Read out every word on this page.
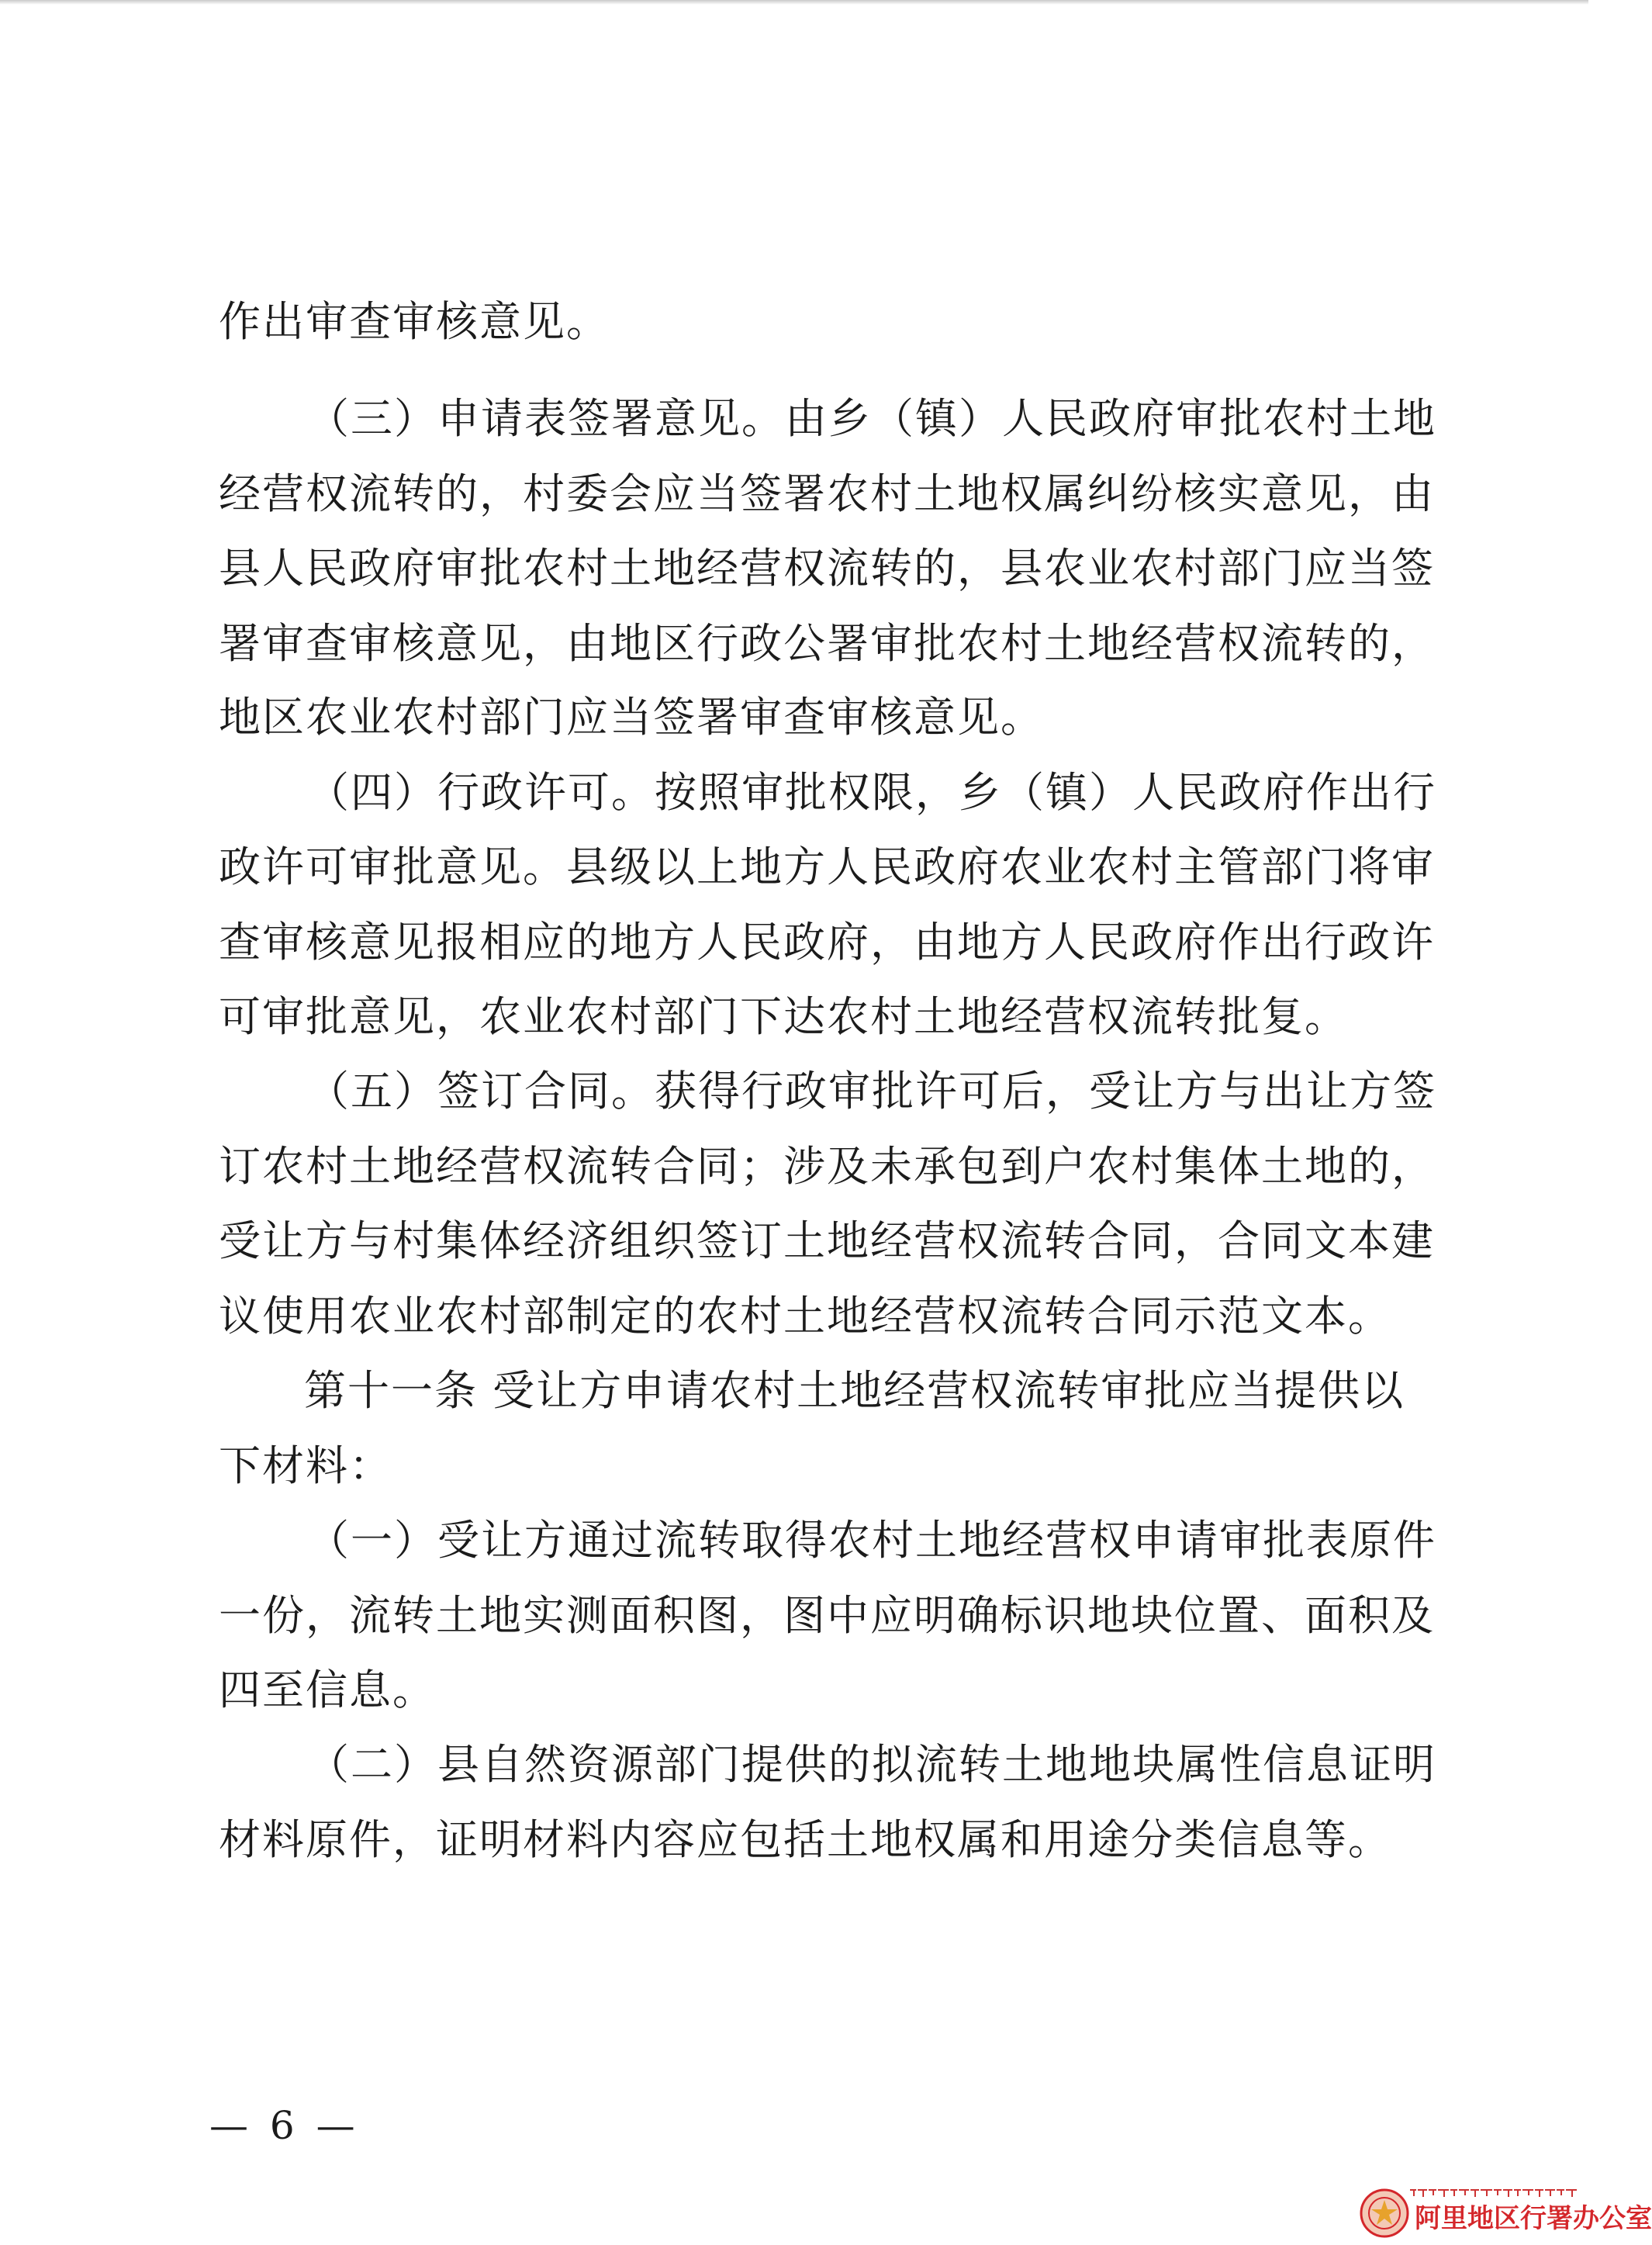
作出审查审核意见。
（三）申请表签署意见。由乡（镇）人民政府审批农村土地
经营权流转的，村委会应当签署农村土地权属纠纷核实意见，由
县人民政府审批农村土地经营权流转的，县农业农村部门应当签
署审查审核意见，由地区行政公署审批农村土地经营权流转的，
地区农业农村部门应当签署审查审核意见。
（四）行政许可。按照审批权限，乡（镇）人民政府作出行
政许可审批意见。县级以上地方人民政府农业农村主管部门将审
查审核意见报相应的地方人民政府，由地方人民政府作出行政许
可审批意见，农业农村部门下达农村土地经营权流转批复。
（五）签订合同。获得行政审批许可后，受让方与出让方签
订农村土地经营权流转合同；涉及未承包到户农村集体土地的，
受让方与村集体经济组织签订土地经营权流转合同，合同文本建
议使用农业农村部制定的农村土地经营权流转合同示范文本。
第十一条 受让方申请农村土地经营权流转审批应当提供以
下材料：
（一）受让方通过流转取得农村土地经营权申请审批表原件
一份，流转土地实测面积图，图中应明确标识地块位置、面积及
四至信息。
（二）县自然资源部门提供的拟流转土地地块属性信息证明
材料原件，证明材料内容应包括土地权属和用途分类信息等。
— 6 —
阿里地区行署办公室
